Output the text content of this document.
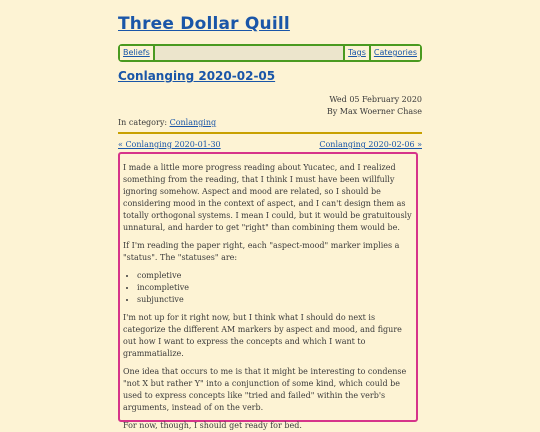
Three Dollar Quill
Beliefs	Tags	Categories
Conlanging 2020-02-05
Wed 05 February 2020
By Max Woerner Chase
In category: Conlanging
« Conlanging 2020-01-30	Conlanging 2020-02-06 »

I made a little more progress reading about Yucatec, and I realized something from the reading, that I think I must have been willfully ignoring somehow. Aspect and mood are related, so I should be considering mood in the context of aspect, and I can't design them as totally orthogonal systems. I mean I could, but it would be gratuitously unnatural, and harder to get "right" than combining them would be.

If I'm reading the paper right, each "aspect-mood" marker implies a "status". The "statuses" are:

• completive
• incompletive
• subjunctive

I'm not up for it right now, but I think what I should do next is categorize the different AM markers by aspect and mood, and figure out how I want to express the concepts and which I want to grammatialize.

One idea that occurs to me is that it might be interesting to condense "not X but rather Y" into a conjunction of some kind, which could be used to express concepts like "tried and failed" within the verb's arguments, instead of on the verb.

For now, though, I should get ready for bed.
